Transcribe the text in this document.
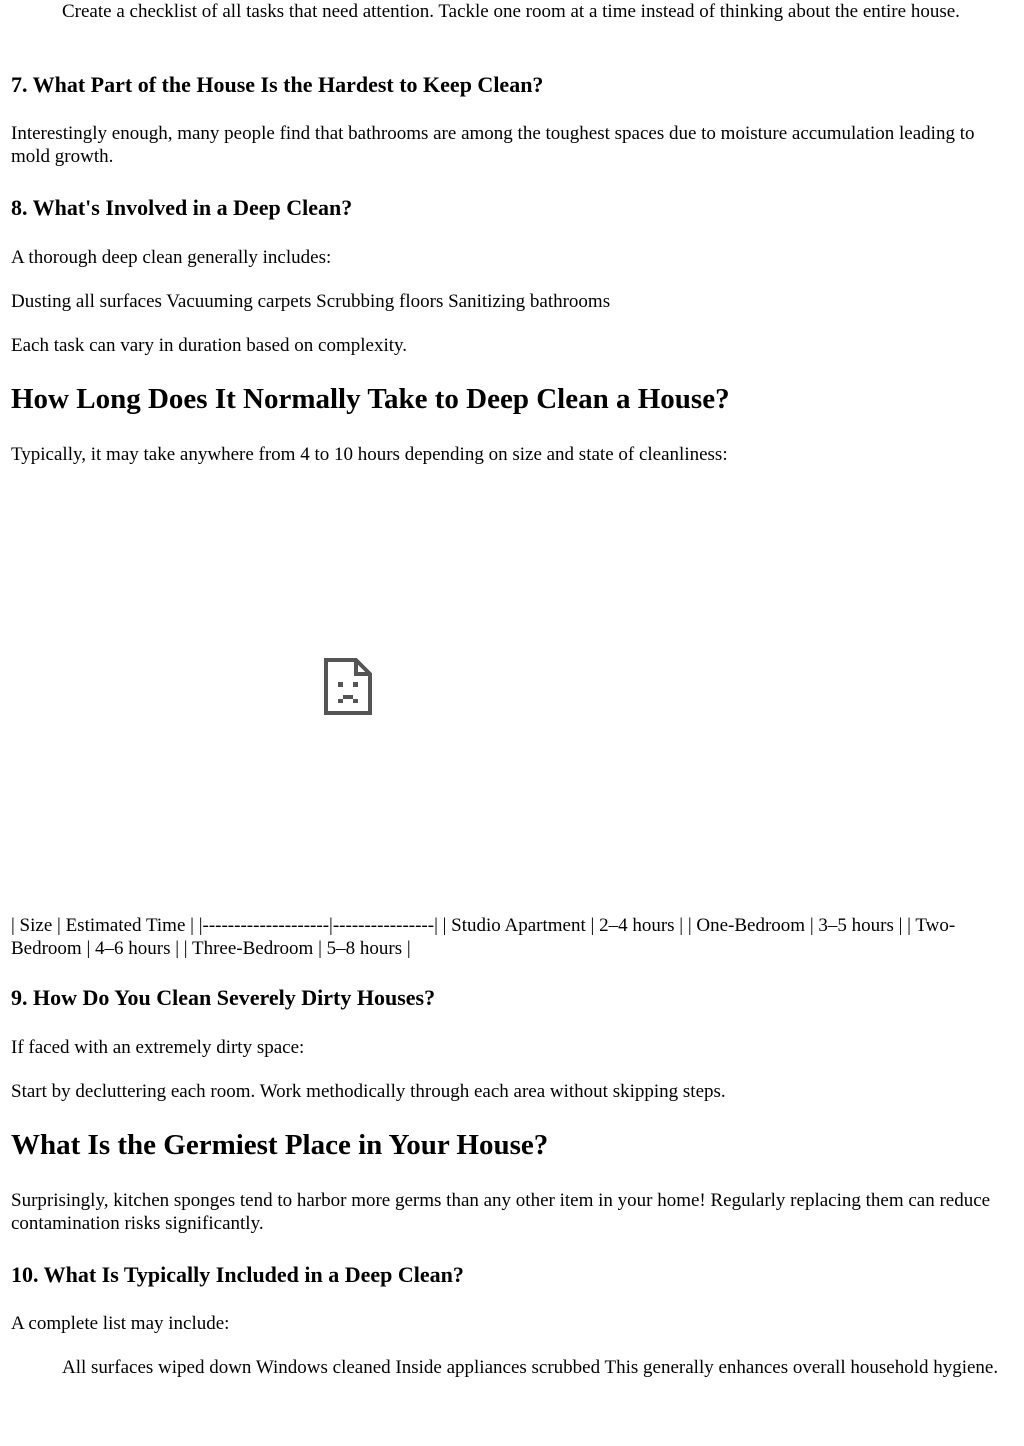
Create a checklist of all tasks that need attention. Tackle one room at a time instead of thinking about the entire house.

7. What Part of the House Is the Hardest to Keep Clean?

Interestingly enough, many people find that bathrooms are among the toughest spaces due to moisture accumulation leading to mold growth.

8. What's Involved in a Deep Clean?

A thorough deep clean generally includes:

Dusting all surfaces Vacuuming carpets Scrubbing floors Sanitizing bathrooms

Each task can vary in duration based on complexity.

How Long Does It Normally Take to Deep Clean a House?

Typically, it may take anywhere from 4 to 10 hours depending on size and state of cleanliness:

| Size | Estimated Time | |--------------------|----------------| | Studio Apartment | 2–4 hours | | One-Bedroom | 3–5 hours | | Two-Bedroom | 4–6 hours | | Three-Bedroom | 5–8 hours |

9. How Do You Clean Severely Dirty Houses?

If faced with an extremely dirty space:

Start by decluttering each room. Work methodically through each area without skipping steps.

What Is the Germiest Place in Your House?

Surprisingly, kitchen sponges tend to harbor more germs than any other item in your home! Regularly replacing them can reduce contamination risks significantly.

10. What Is Typically Included in a Deep Clean?

A complete list may include:

All surfaces wiped down Windows cleaned Inside appliances scrubbed This generally enhances overall household hygiene.
